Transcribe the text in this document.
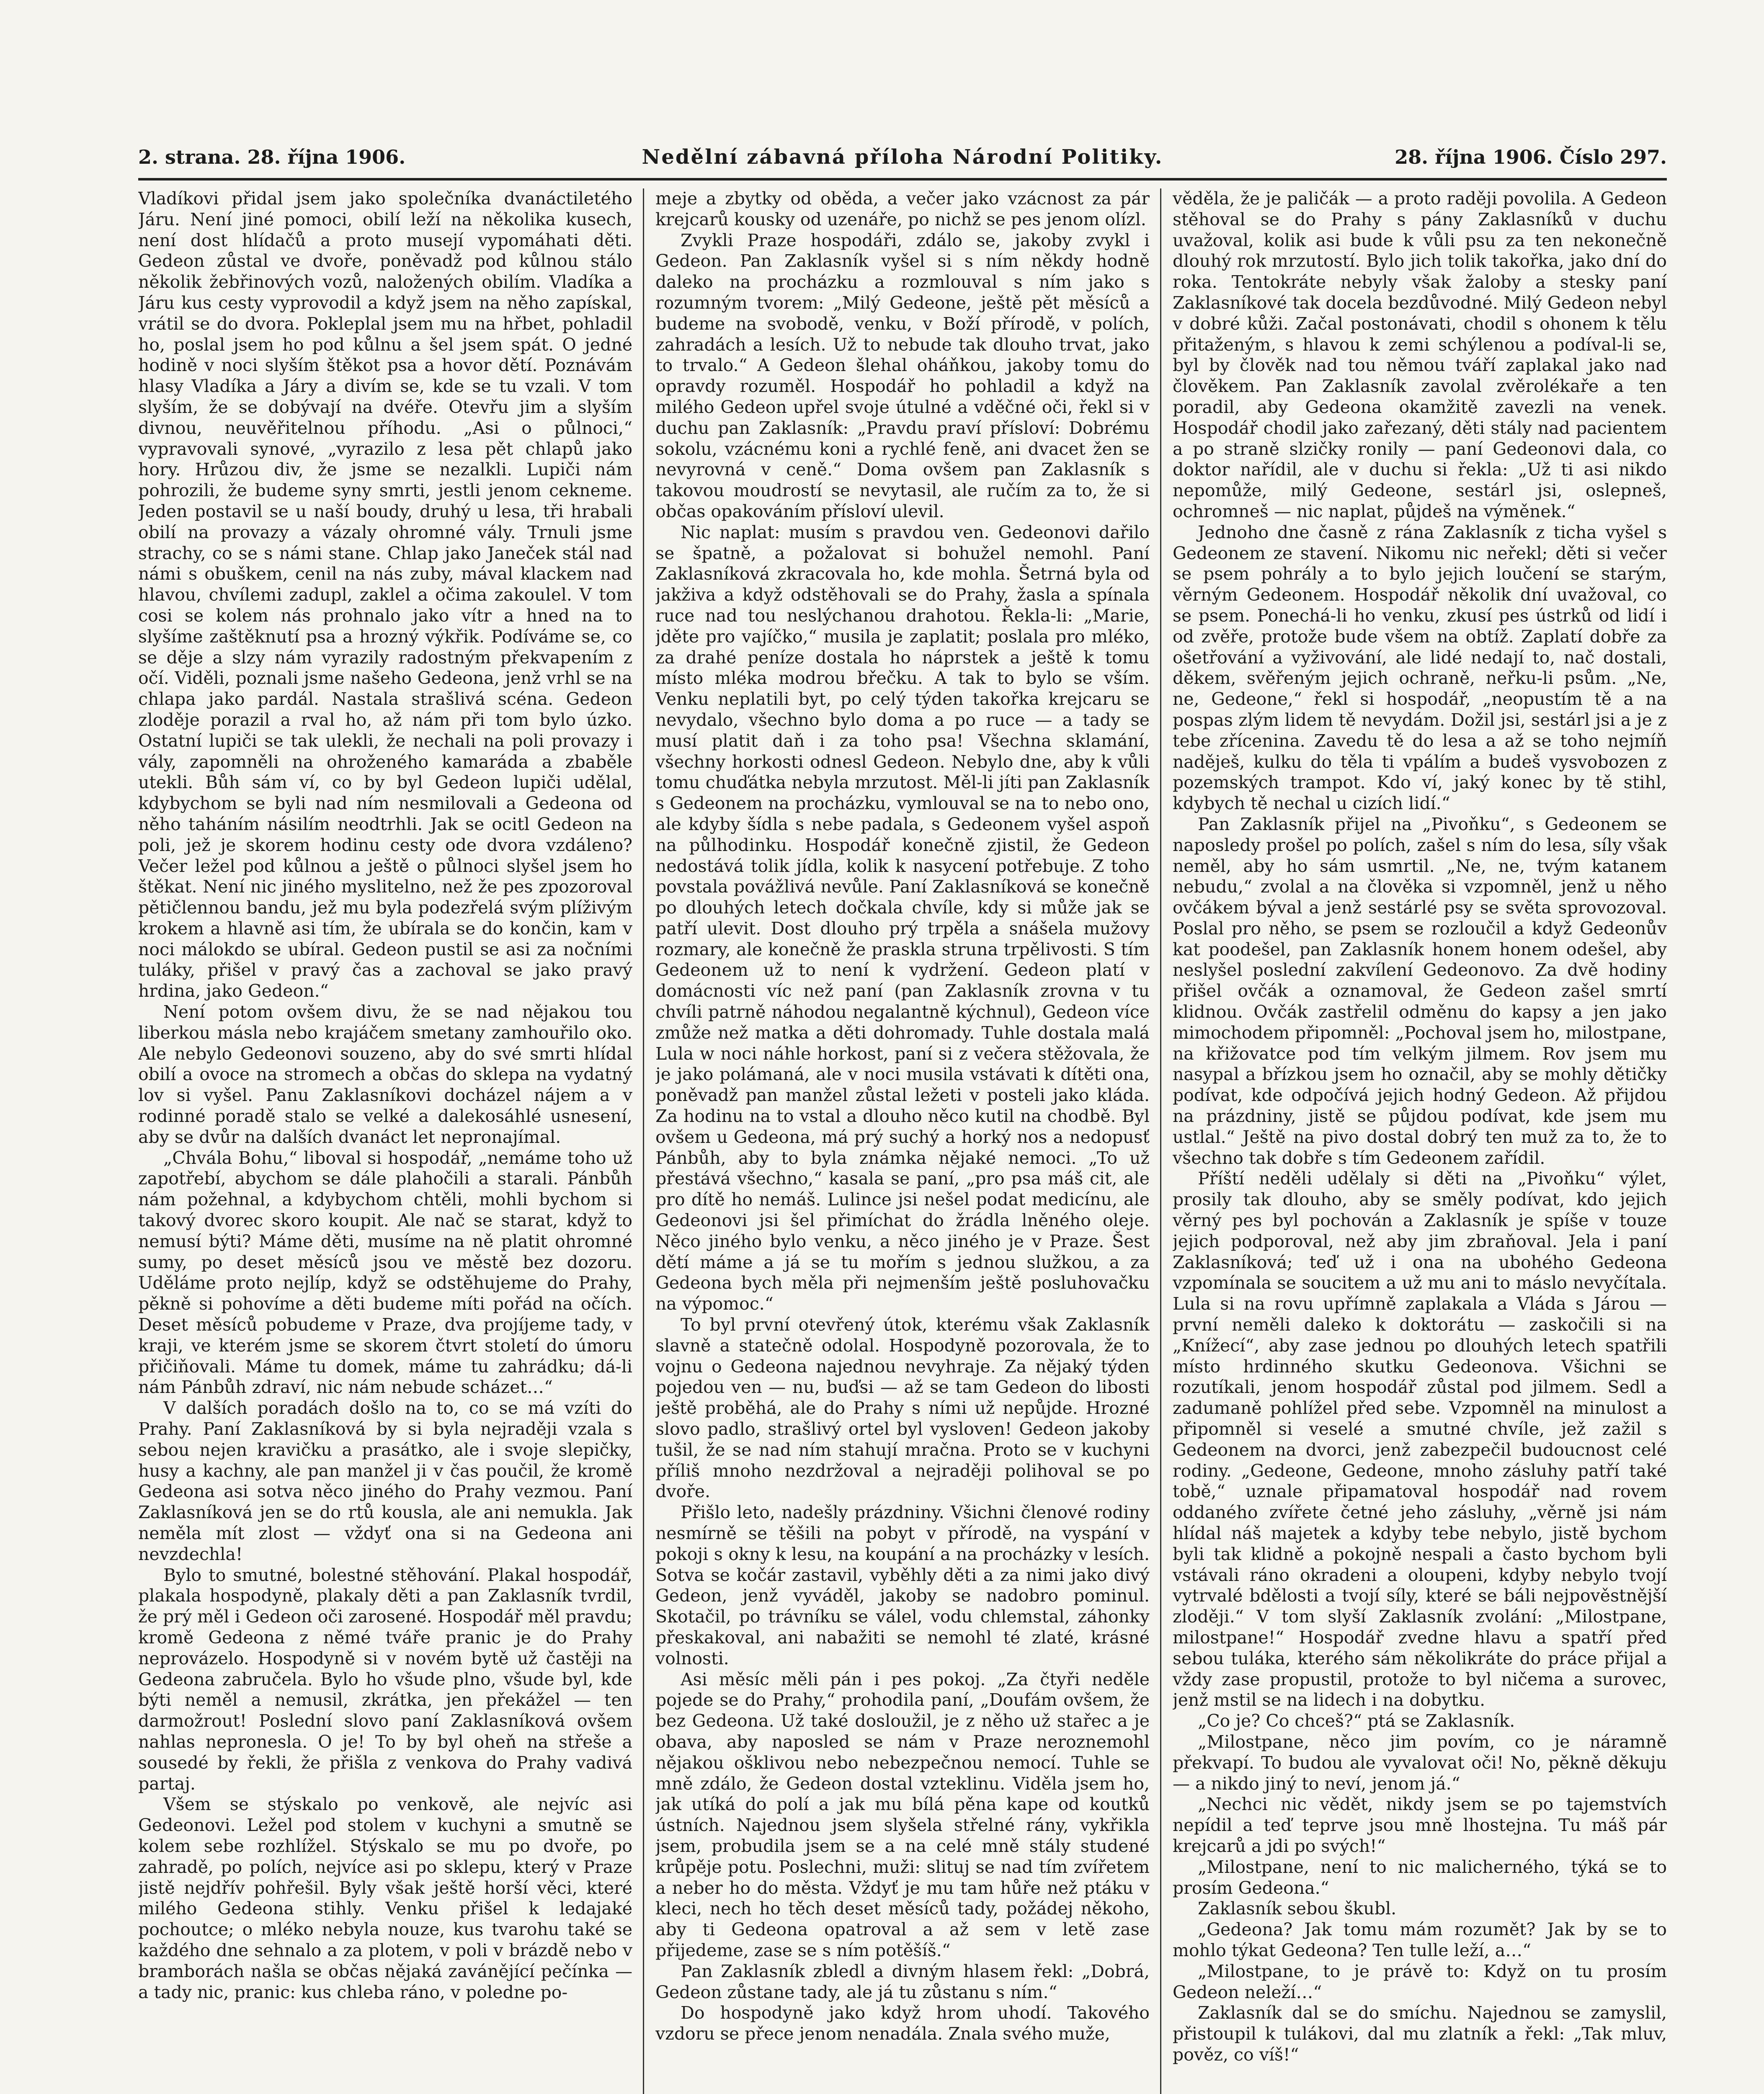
2. strana. 28. října 1906.	Nedělní zábavná příloha Národní Politiky.	28. října 1906. Číslo 297.

Vladíkovi přidal jsem jako společníka dvanáctiletého Járu. Není jiné pomoci, obilí leží na několika kusech, není dost hlídačů a proto musejí vypomáhati děti. Gedeon zůstal ve dvoře, poněvadž pod kůlnou stálo několik žebřinových vozů, naložených obilím. Vladíka a Járu kus cesty vyprovodil a když jsem na něho zapískal, vrátil se do dvora. Pokleplal jsem mu na hřbet, pohladil ho, poslal jsem ho pod kůlnu a šel jsem spát. O jedné hodině v noci slyším štěkot psa a hovor dětí. Poznávám hlasy Vladíka a Járy a divím se, kde se tu vzali. V tom slyším, že se dobývají na dvéře. Otevřu jim a slyším divnou, neuvěřitelnou příhodu. „Asi o půlnoci,“ vypravovali synové, „vyrazilo z lesa pět chlapů jako hory. Hrůzou div, že jsme se nezalkli. Lupiči nám pohrozili, že budeme syny smrti, jestli jenom cekneme. Jeden postavil se u naší boudy, druhý u lesa, tři hrabali obilí na provazy a vázaly ohromné vály. Trnuli jsme strachy, co se s námi stane. Chlap jako Janeček stál nad námi s obuškem, cenil na nás zuby, mával klackem nad hlavou, chvílemi zadupl, zaklel a očima zakoulel. V tom cosi se kolem nás prohnalo jako vítr a hned na to slyšíme zaštěknutí psa a hrozný výkřik. Podíváme se, co se děje a slzy nám vyrazily radostným překvapením z očí. Viděli, poznali jsme našeho Gedeona, jenž vrhl se na chlapa jako pardál. Nastala strašlivá scéna. Gedeon zloděje porazil a rval ho, až nám při tom bylo úzko. Ostatní lupiči se tak ulekli, že nechali na poli provazy i vály, zapomněli na ohroženého kamaráda a zbaběle utekli. Bůh sám ví, co by byl Gedeon lupiči udělal, kdybychom se byli nad ním nesmilovali a Gedeona od něho taháním násilím neodtrhli. Jak se ocitl Gedeon na poli, jež je skorem hodinu cesty ode dvora vzdáleno? Večer ležel pod kůlnou a ještě o půlnoci slyšel jsem ho štěkat. Není nic jiného myslitelno, než že pes zpozoroval pětičlennou bandu, jež mu byla podezřelá svým plíživým krokem a hlavně asi tím, že ubírala se do končin, kam v noci málokdo se ubíral. Gedeon pustil se asi za nočními tuláky, přišel v pravý čas a zachoval se jako pravý hrdina, jako Gedeon.“

Není potom ovšem divu, že se nad nějakou tou liberkou másla nebo krajáčem smetany zamhouřilo oko. Ale nebylo Gedeonovi souzeno, aby do své smrti hlídal obilí a ovoce na stromech a občas do sklepa na vydatný lov si vyšel. Panu Zaklasníkovi docházel nájem a v rodinné poradě stalo se velké a dalekosáhlé usnesení, aby se dvůr na dalších dvanáct let nepronajímal.

„Chvála Bohu,“ liboval si hospodář, „nemáme toho už zapotřebí, abychom se dále plahočili a starali. Pánbůh nám požehnal, a kdybychom chtěli, mohli bychom si takový dvorec skoro koupit. Ale nač se starat, když to nemusí býti? Máme děti, musíme na ně platit ohromné sumy, po deset měsíců jsou ve městě bez dozoru. Uděláme proto nejlíp, když se odstěhujeme do Prahy, pěkně si pohovíme a děti budeme míti pořád na očích. Deset měsíců pobudeme v Praze, dva projíjeme tady, v kraji, ve kterém jsme se skorem čtvrt století do úmoru přičiňovali. Máme tu domek, máme tu zahrádku; dá-li nám Pánbůh zdraví, nic nám nebude scházet…“

V dalších poradách došlo na to, co se má vzíti do Prahy. Paní Zaklasníková by si byla nejraději vzala s sebou nejen kravičku a prasátko, ale i svoje slepičky, husy a kachny, ale pan manžel ji v čas poučil, že kromě Gedeona asi sotva něco jiného do Prahy vezmou. Paní Zaklasníková jen se do rtů kousla, ale ani nemukla. Jak neměla mít zlost — vždyť ona si na Gedeona ani nevzdechla!

Bylo to smutné, bolestné stěhování. Plakal hospodář, plakala hospodyně, plakaly děti a pan Zaklasník tvrdil, že prý měl i Gedeon oči zarosené. Hospodář měl pravdu; kromě Gedeona z němé tváře pranic je do Prahy neprovázelo. Hospodyně si v novém bytě už častěji na Gedeona zabručela. Bylo ho všude plno, všude byl, kde býti neměl a nemusil, zkrátka, jen překážel — ten darmožrout! Poslední slovo paní Zaklasníková ovšem nahlas nepronesla. O je! To by byl oheň na střeše a sousedé by řekli, že přišla z venkova do Prahy vadivá partaj.

Všem se stýskalo po venkově, ale nejvíc asi Gedeonovi. Ležel pod stolem v kuchyni a smutně se kolem sebe rozhlížel. Stýskalo se mu po dvoře, po zahradě, po polích, nejvíce asi po sklepu, který v Praze jistě nejdřív pohřešil. Byly však ještě horší věci, které milého Gedeona stihly. Venku přišel k ledajaké pochoutce; o mléko nebyla nouze, kus tvarohu také se každého dne sehnalo a za plotem, v poli v brázdě nebo v bramborách našla se občas nějaká zavánějící pečínka — a tady nic, pranic: kus chleba ráno, v poledne po-

meje a zbytky od oběda, a večer jako vzácnost za pár krejcarů kousky od uzenáře, po nichž se pes jenom olízl.

Zvykli Praze hospodáři, zdálo se, jakoby zvykl i Gedeon. Pan Zaklasník vyšel si s ním někdy hodně daleko na procházku a rozmlouval s ním jako s rozumným tvorem: „Milý Gedeone, ještě pět měsíců a budeme na svobodě, venku, v Boží přírodě, v polích, zahradách a lesích. Už to nebude tak dlouho trvat, jako to trvalo.“ A Gedeon šlehal oháňkou, jakoby tomu do opravdy rozuměl. Hospodář ho pohladil a když na milého Gedeon upřel svoje útulné a vděčné oči, řekl si v duchu pan Zaklasník: „Pravdu praví přísloví: Dobrému sokolu, vzácnému koni a rychlé feně, ani dvacet žen se nevyrovná v ceně.“ Doma ovšem pan Zaklasník s takovou moudrostí se nevytasil, ale ručím za to, že si občas opakováním přísloví ulevil.

Nic naplat: musím s pravdou ven. Gedeonovi dařilo se špatně, a požalovat si bohužel nemohl. Paní Zaklasníková zkracovala ho, kde mohla. Šetrná byla od jakživa a když odstěhovali se do Prahy, žasla a spínala ruce nad tou neslýchanou drahotou. Řekla-li: „Marie, jděte pro vajíčko,“ musila je zaplatit; poslala pro mléko, za drahé peníze dostala ho náprstek a ještě k tomu místo mléka modrou břečku. A tak to bylo se vším. Venku neplatili byt, po celý týden takořka krejcaru se nevydalo, všechno bylo doma a po ruce — a tady se musí platit daň i za toho psa! Všechna sklamání, všechny horkosti odnesl Gedeon. Nebylo dne, aby k vůli tomu chuďátka nebyla mrzutost. Měl-li jíti pan Zaklasník s Gedeonem na procházku, vymlouval se na to nebo ono, ale kdyby šídla s nebe padala, s Gedeonem vyšel aspoň na půlhodinku. Hospodář konečně zjistil, že Gedeon nedostává tolik jídla, kolik k nasycení potřebuje. Z toho povstala povážlivá nevůle. Paní Zaklasníková se konečně po dlouhých letech dočkala chvíle, kdy si může jak se patří ulevit. Dost dlouho prý trpěla a snášela mužovy rozmary, ale konečně že praskla struna trpělivosti. S tím Gedeonem už to není k vydržení. Gedeon platí v domácnosti víc než paní (pan Zaklasník zrovna v tu chvíli patrně náhodou negalantně kýchnul), Gedeon více zmůže než matka a děti dohromady. Tuhle dostala malá Lula w noci náhle horkost, paní si z večera stěžovala, že je jako polámaná, ale v noci musila vstávati k dítěti ona, poněvadž pan manžel zůstal ležeti v posteli jako kláda. Za hodinu na to vstal a dlouho něco kutil na chodbě. Byl ovšem u Gedeona, má prý suchý a horký nos a nedopusť Pánbůh, aby to byla známka nějaké nemoci. „To už přestává všechno,“ kasala se paní, „pro psa máš cit, ale pro dítě ho nemáš. Lulince jsi nešel podat medicínu, ale Gedeonovi jsi šel přimíchat do žrádla lněného oleje. Něco jiného bylo venku, a něco jiného je v Praze. Šest dětí máme a já se tu mořím s jednou služkou, a za Gedeona bych měla při nejmenším ještě posluhovačku na výpomoc.“

To byl první otevřený útok, kterému však Zaklasník slavně a statečně odolal. Hospodyně pozorovala, že to vojnu o Gedeona najednou nevyhraje. Za nějaký týden pojedou ven — nu, buďsi — až se tam Gedeon do libosti ještě proběhá, ale do Prahy s ními už nepůjde. Hrozné slovo padlo, strašlivý ortel byl vysloven! Gedeon jakoby tušil, že se nad ním stahují mračna. Proto se v kuchyni příliš mnoho nezdržoval a nejraději polihoval se po dvoře.

Přišlo leto, nadešly prázdniny. Všichni členové rodiny nesmírně se těšili na pobyt v přírodě, na vyspání v pokoji s okny k lesu, na koupání a na procházky v lesích. Sotva se kočár zastavil, vyběhly děti a za nimi jako divý Gedeon, jenž vyváděl, jakoby se nadobro pominul. Skotačil, po trávníku se válel, vodu chlemstal, záhonky přeskakoval, ani nabažiti se nemohl té zlaté, krásné volnosti.

Asi měsíc měli pán i pes pokoj. „Za čtyři neděle pojede se do Prahy,“ prohodila paní, „Doufám ovšem, že bez Gedeona. Už také dosloužil, je z něho už stařec a je obava, aby naposled se nám v Praze neroznemohl nějakou ošklivou nebo nebezpečnou nemocí. Tuhle se mně zdálo, že Gedeon dostal vzteklinu. Viděla jsem ho, jak utíká do polí a jak mu bílá pěna kape od koutků ústních. Najednou jsem slyšela střelné rány, vykřikla jsem, probudila jsem se a na celé mně stály studené krůpěje potu. Poslechni, muži: slituj se nad tím zvířetem a neber ho do města. Vždyť je mu tam hůře než ptáku v kleci, nech ho těch deset měsíců tady, požádej někoho, aby ti Gedeona opatroval a až sem v letě zase přijedeme, zase se s ním potěšíš.“

Pan Zaklasník zbledl a divným hlasem řekl: „Dobrá, Gedeon zůstane tady, ale já tu zůstanu s ním.“

Do hospodyně jako když hrom uhodí. Takového vzdoru se přece jenom nenadála. Znala svého muže,

věděla, že je paličák — a proto raději povolila. A Gedeon stěhoval se do Prahy s pány Zaklasníků v duchu uvažoval, kolik asi bude k vůli psu za ten nekonečně dlouhý rok mrzutostí. Bylo jich tolik takořka, jako dní do roka. Tentokráte nebyly však žaloby a stesky paní Zaklasníkové tak docela bezdůvodné. Milý Gedeon nebyl v dobré kůži. Začal postonávati, chodil s ohonem k tělu přitaženým, s hlavou k zemi schýlenou a podíval-li se, byl by člověk nad tou němou tváří zaplakal jako nad člověkem. Pan Zaklasník zavolal zvěrolékaře a ten poradil, aby Gedeona okamžitě zavezli na venek. Hospodář chodil jako zařezaný, děti stály nad pacientem a po straně slzičky ronily — paní Gedeonovi dala, co doktor nařídil, ale v duchu si řekla: „Už ti asi nikdo nepomůže, milý Gedeone, sestárl jsi, oslepneš, ochromneš — nic naplat, půjdeš na výměnek.“

Jednoho dne časně z rána Zaklasník z ticha vyšel s Gedeonem ze stavení. Nikomu nic neřekl; děti si večer se psem pohrály a to bylo jejich loučení se starým, věrným Gedeonem. Hospodář několik dní uvažoval, co se psem. Ponechá-li ho venku, zkusí pes ústrků od lidí i od zvěře, protože bude všem na obtíž. Zaplatí dobře za ošetřování a vyživování, ale lidé nedají to, nač dostali, děkem, svěřeným jejich ochraně, neřku-li psům. „Ne, ne, Gedeone,“ řekl si hospodář, „neopustím tě a na pospas zlým lidem tě nevydám. Dožil jsi, sestárl jsi a je z tebe zřícenina. Zavedu tě do lesa a až se toho nejmíň naděješ, kulku do těla ti vpálím a budeš vysvobozen z pozemských trampot. Kdo ví, jaký konec by tě stihl, kdybych tě nechal u cizích lidí.“

Pan Zaklasník přijel na „Pivoňku“, s Gedeonem se naposledy prošel po polích, zašel s ním do lesa, síly však neměl, aby ho sám usmrtil. „Ne, ne, tvým katanem nebudu,“ zvolal a na člověka si vzpomněl, jenž u něho ovčákem býval a jenž sestárlé psy se světa sprovozoval. Poslal pro něho, se psem se rozloučil a když Gedeonův kat poodešel, pan Zaklasník honem honem odešel, aby neslyšel poslední zakvílení Gedeonovo. Za dvě hodiny přišel ovčák a oznamoval, že Gedeon zašel smrtí klidnou. Ovčák zastřelil odměnu do kapsy a jen jako mimochodem připomněl: „Pochoval jsem ho, milostpane, na křižovatce pod tím velkým jilmem. Rov jsem mu nasypal a břízkou jsem ho označil, aby se mohly dětičky podívat, kde odpočívá jejich hodný Gedeon. Až přijdou na prázdniny, jistě se půjdou podívat, kde jsem mu ustlal.“ Ještě na pivo dostal dobrý ten muž za to, že to všechno tak dobře s tím Gedeonem zařídil.

Příští neděli udělaly si děti na „Pivoňku“ výlet, prosily tak dlouho, aby se směly podívat, kdo jejich věrný pes byl pochován a Zaklasník je spíše v touze jejich podporoval, než aby jim zbraňoval. Jela i paní Zaklasníková; teď už i ona na ubohého Gedeona vzpomínala se soucitem a už mu ani to máslo nevyčítala. Lula si na rovu upřímně zaplakala a Vláda s Járou — první neměli daleko k doktorátu — zaskočili si na „Knížecí“, aby zase jednou po dlouhých letech spatřili místo hrdinného skutku Gedeonova. Všichni se rozutíkali, jenom hospodář zůstal pod jilmem. Sedl a zadumaně pohlížel před sebe. Vzpomněl na minulost a připomněl si veselé a smutné chvíle, jež zažil s Gedeonem na dvorci, jenž zabezpečil budoucnost celé rodiny. „Gedeone, Gedeone, mnoho zásluhy patří také tobě,“ uznale připamatoval hospodář nad rovem oddaného zvířete četné jeho zásluhy, „věrně jsi nám hlídal náš majetek a kdyby tebe nebylo, jistě bychom byli tak klidně a pokojně nespali a často bychom byli vstávali ráno okradeni a oloupeni, kdyby nebylo tvojí vytrvalé bdělosti a tvojí síly, které se báli nejpověstnější zloději.“ V tom slyší Zaklasník zvolání: „Milostpane, milostpane!“ Hospodář zvedne hlavu a spatří před sebou tuláka, kterého sám několikráte do práce přijal a vždy zase propustil, protože to byl ničema a surovec, jenž mstil se na lidech i na dobytku.

„Co je? Co chceš?“ ptá se Zaklasník.

„Milostpane, něco jim povím, co je náramně překvapí. To budou ale vyvalovat oči! No, pěkně děkuju — a nikdo jiný to neví, jenom já.“

„Nechci nic vědět, nikdy jsem se po tajemstvích nepídil a teď teprve jsou mně lhostejna. Tu máš pár krejcarů a jdi po svých!“

„Milostpane, není to nic malicherného, týká se to prosím Gedeona.“

Zaklasník sebou škubl.

„Gedeona? Jak tomu mám rozumět? Jak by se to mohlo týkat Gedeona? Ten tulle leží, a…“

„Milostpane, to je právě to: Když on tu prosím Gedeon neleží…“

Zaklasník dal se do smíchu. Najednou se zamyslil, přistoupil k tulákovi, dal mu zlatník a řekl: „Tak mluv, pověz, co víš!“
